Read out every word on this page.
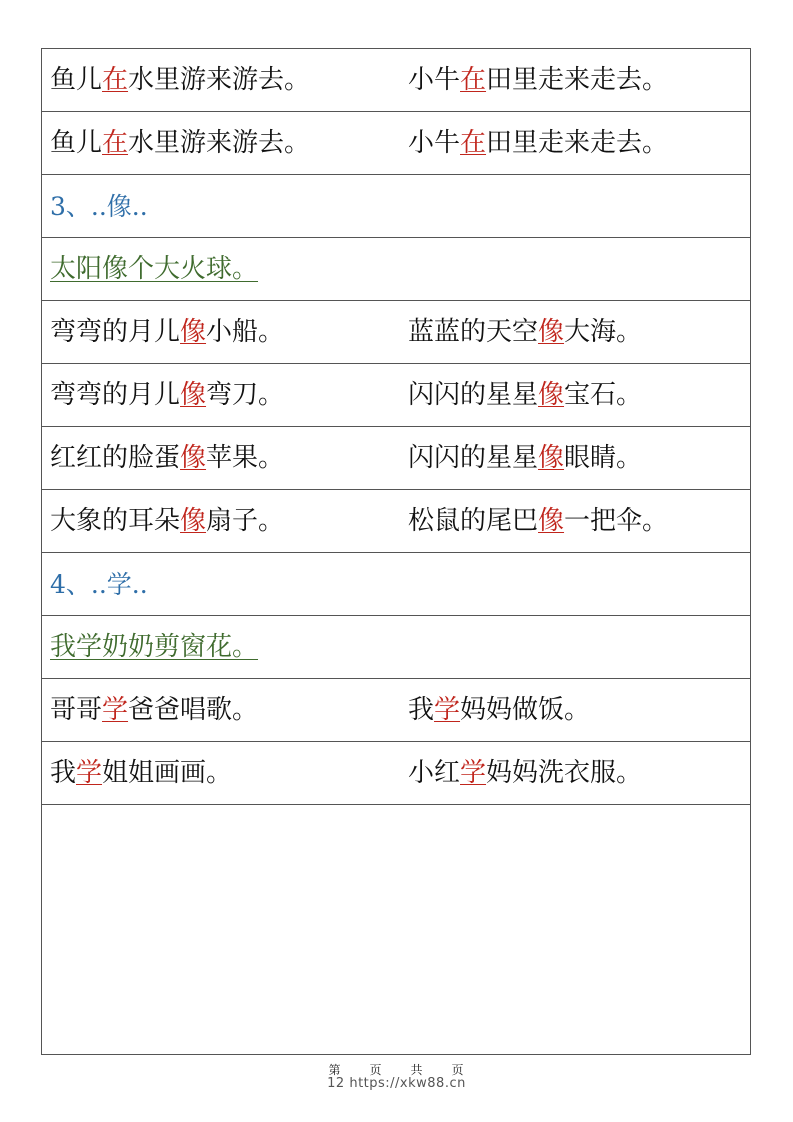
鱼儿在水里游来游去。	小牛在田里走来走去。
鱼儿在水里游来游去。	小牛在田里走来走去。
3、..像..
太阳像个大火球。
弯弯的月儿像小船。	蓝蓝的天空像大海。
弯弯的月儿像弯刀。	闪闪的星星像宝石。
红红的脸蛋像苹果。	闪闪的星星像眼睛。
大象的耳朵像扇子。	松鼠的尾巴像一把伞。
4、..学..
我学奶奶剪窗花。
哥哥学爸爸唱歌。	我学妈妈做饭。
我学姐姐画画。	小红学妈妈洗衣服。
第 页 共 页
12 https://xkw88.cn
